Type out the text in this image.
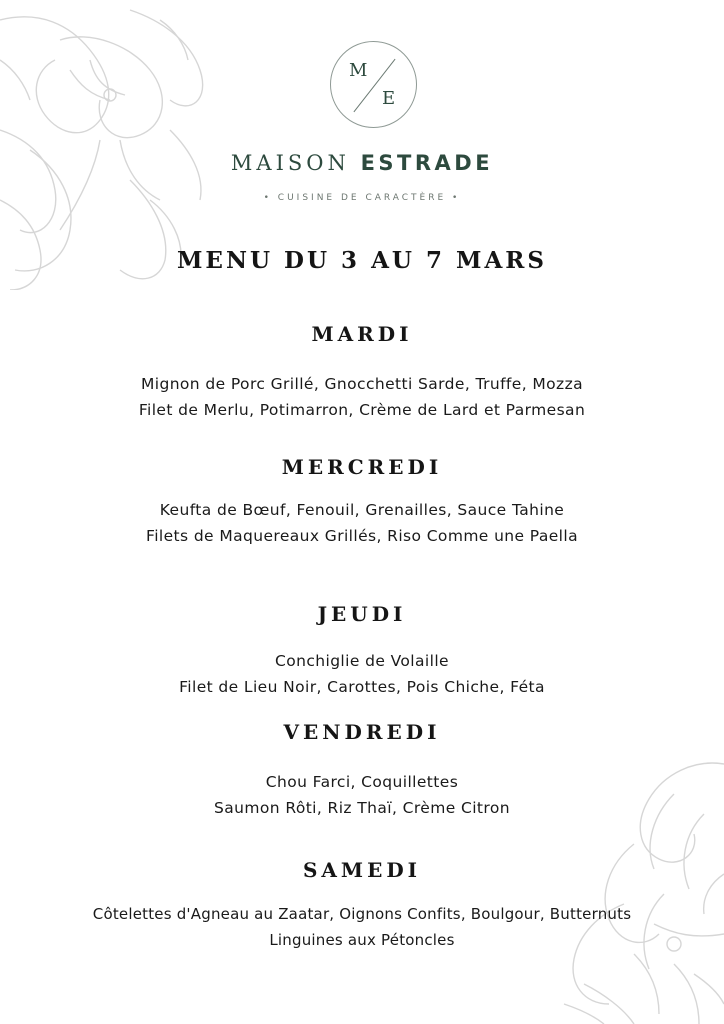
M
E
MAISON ESTRADE
• CUISINE DE CARACTÈRE •
MENU DU 3 AU 7 MARS
MARDI
Mignon de Porc Grillé, Gnocchetti Sarde, Truffe, Mozza
Filet de Merlu, Potimarron, Crème de Lard et Parmesan
MERCREDI
Keufta de Bœuf, Fenouil, Grenailles, Sauce Tahine
Filets de Maquereaux Grillés, Riso Comme une Paella
JEUDI
Conchiglie de Volaille
Filet de Lieu Noir, Carottes, Pois Chiche, Féta
VENDREDI
Chou Farci, Coquillettes
Saumon Rôti, Riz Thaï, Crème Citron
SAMEDI
Côtelettes d'Agneau au Zaatar, Oignons Confits, Boulgour, Butternuts
Linguines aux Pétoncles
